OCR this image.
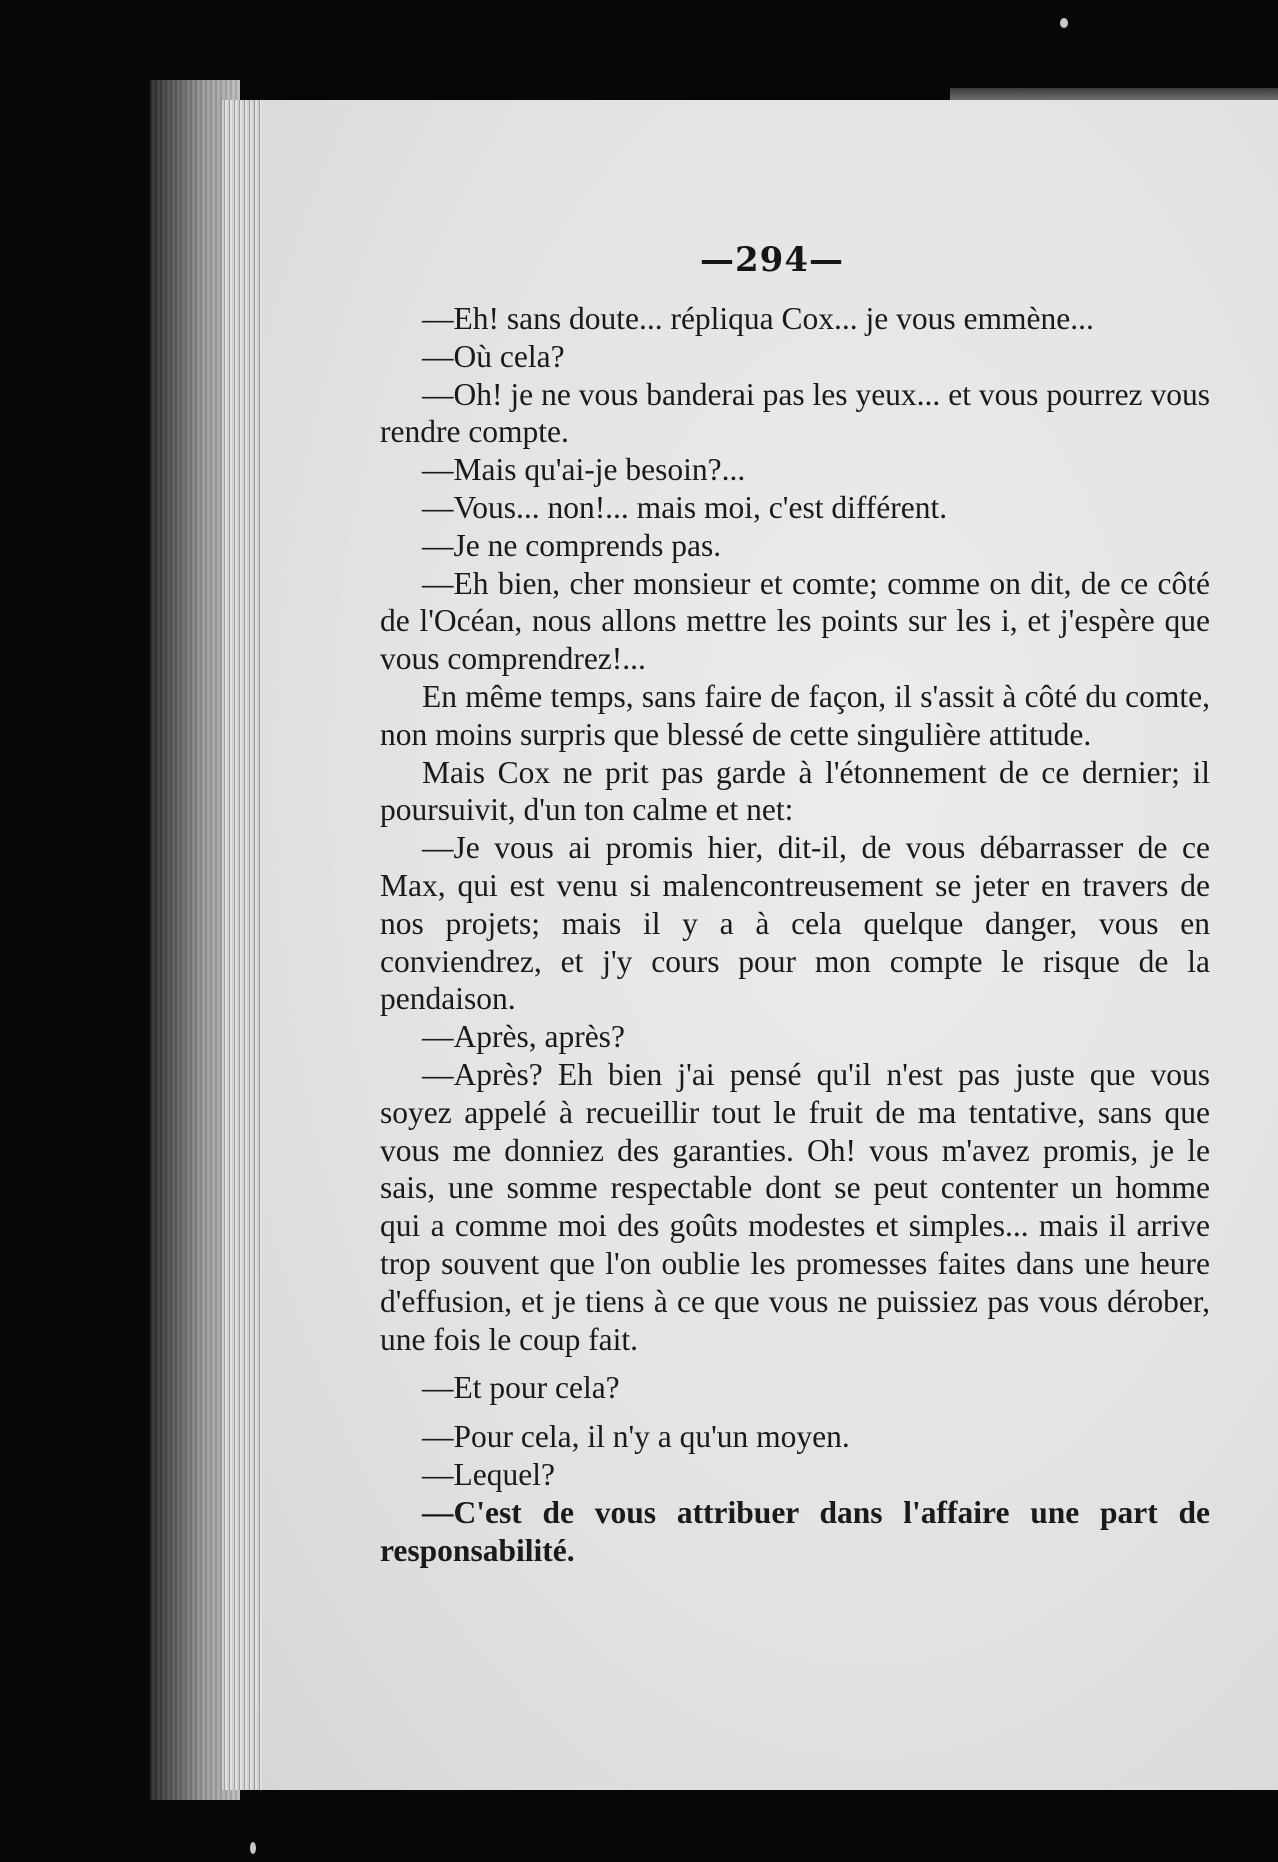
—294—

—Eh! sans doute... répliqua Cox... je vous emmène...

—Où cela?

—Oh! je ne vous banderai pas les yeux... et vous pourrez vous rendre compte.

—Mais qu'ai-je besoin?...

—Vous... non!... mais moi, c'est différent.

—Je ne comprends pas.

—Eh bien, cher monsieur et comte; comme on dit, de ce côté de l'Océan, nous allons mettre les points sur les i, et j'espère que vous comprendrez!...

En même temps, sans faire de façon, il s'assit à côté du comte, non moins surpris que blessé de cette singulière attitude.

Mais Cox ne prit pas garde à l'étonnement de ce dernier; il poursuivit, d'un ton calme et net:

—Je vous ai promis hier, dit-il, de vous débarrasser de ce Max, qui est venu si malencontreusement se jeter en travers de nos projets; mais il y a à cela quelque danger, vous en conviendrez, et j'y cours pour mon compte le risque de la pendaison.

—Après, après?

—Après? Eh bien j'ai pensé qu'il n'est pas juste que vous soyez appelé à recueillir tout le fruit de ma tentative, sans que vous me donniez des garanties. Oh! vous m'avez promis, je le sais, une somme respectable dont se peut contenter un homme qui a comme moi des goûts modestes et simples... mais il arrive trop souvent que l'on oublie les promesses faites dans une heure d'effusion, et je tiens à ce que vous ne puissiez pas vous dérober, une fois le coup fait.

—Et pour cela?

—Pour cela, il n'y a qu'un moyen.

—Lequel?

—C'est de vous attribuer dans l'affaire une part de responsabilité.
